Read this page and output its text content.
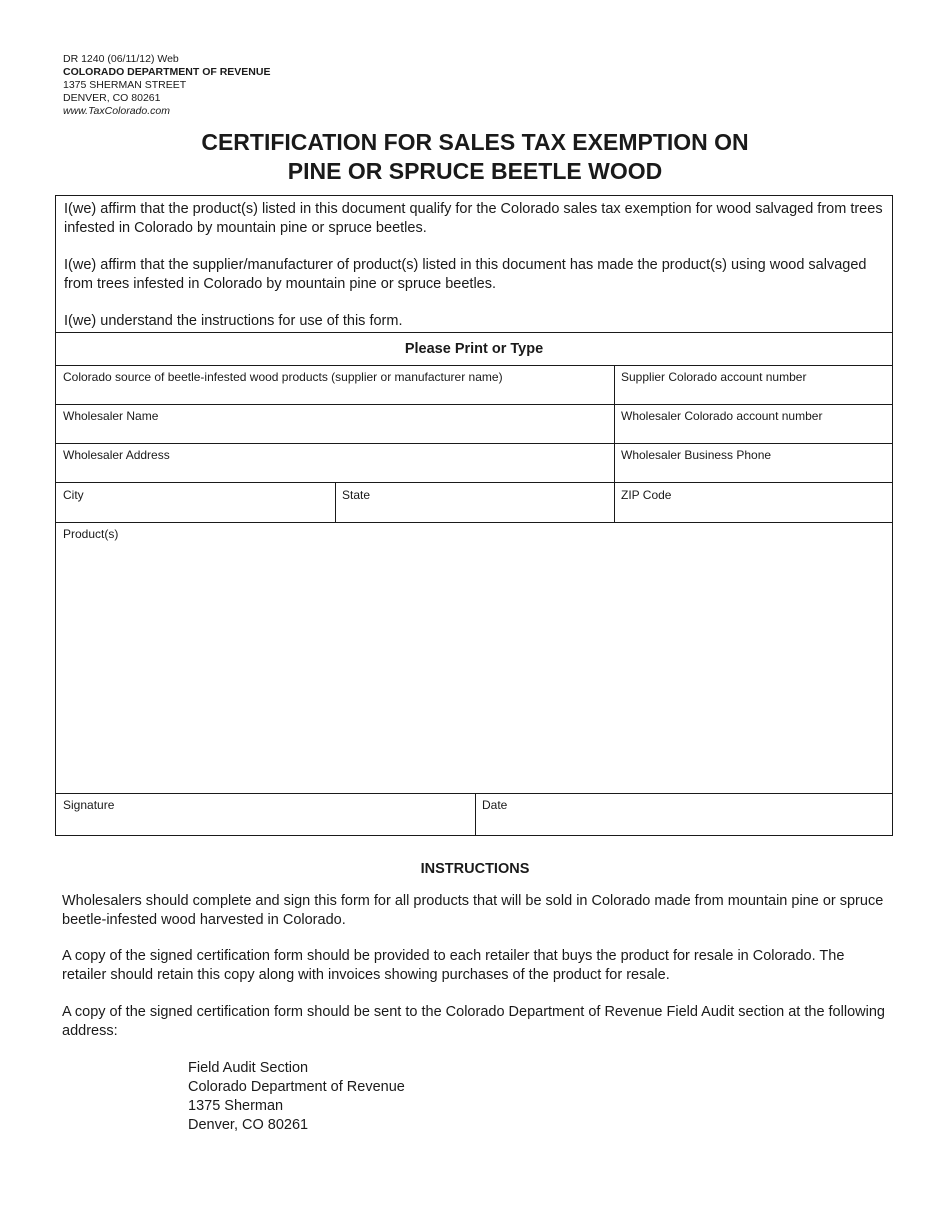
DR 1240 (06/11/12) Web
COLORADO DEPARTMENT OF REVENUE
1375 SHERMAN STREET
DENVER, CO 80261
www.TaxColorado.com
CERTIFICATION FOR SALES TAX EXEMPTION ON
PINE OR SPRUCE BEETLE WOOD

I(we) affirm that the product(s) listed in this document qualify for the Colorado sales tax exemption for wood salvaged from trees infested in Colorado by mountain pine or spruce beetles.

I(we) affirm that the supplier/manufacturer of product(s) listed in this document has made the product(s) using wood salvaged from trees infested in Colorado by mountain pine or spruce beetles.

I(we) understand the instructions for use of this form.

Please Print or Type
Colorado source of beetle-infested wood products (supplier or manufacturer name)	Supplier Colorado account number
Wholesaler Name	Wholesaler Colorado account number
Wholesaler Address	Wholesaler Business Phone
City	State	ZIP Code
Product(s)
Signature	Date
INSTRUCTIONS
Wholesalers should complete and sign this form for all products that will be sold in Colorado made from mountain pine or spruce beetle-infested wood harvested in Colorado.
A copy of the signed certification form should be provided to each retailer that buys the product for resale in Colorado. The retailer should retain this copy along with invoices showing purchases of the product for resale.
A copy of the signed certification form should be sent to the Colorado Department of Revenue Field Audit section at the following address:
Field Audit Section
Colorado Department of Revenue
1375 Sherman
Denver, CO 80261
